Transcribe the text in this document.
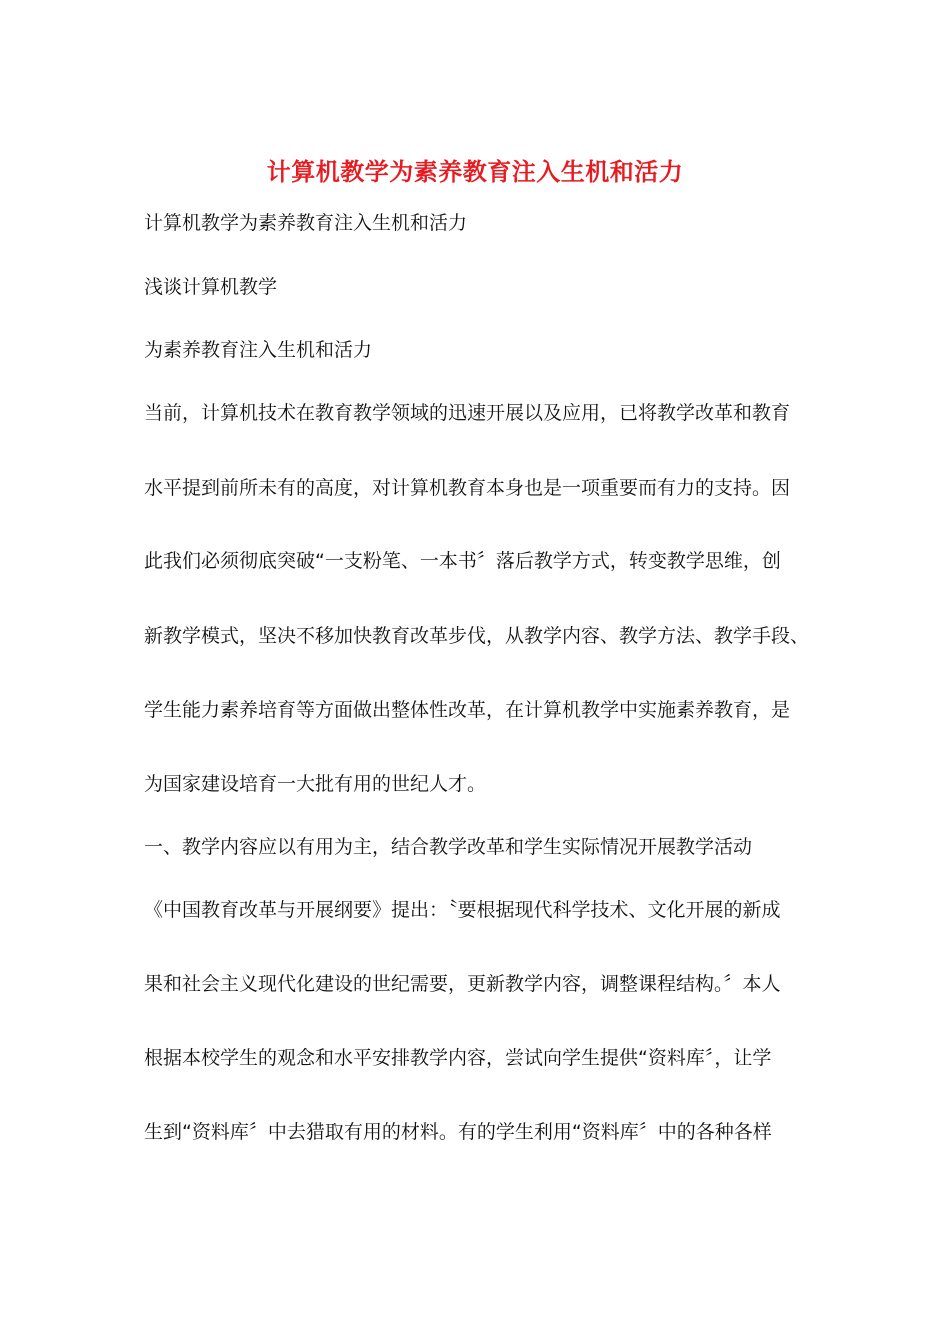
计算机教学为素养教育注入生机和活力
计算机教学为素养教育注入生机和活力
浅谈计算机教学
为素养教育注入生机和活力
当前，计算机技术在教育教学领域的迅速开展以及应用，已将教学改革和教育
水平提到前所未有的高度，对计算机教育本身也是一项重要而有力的支持。因
此我们必须彻底突破“一支粉笔、一本书〞落后教学方式，转变教学思维，创
新教学模式，坚决不移加快教育改革步伐，从教学内容、教学方法、教学手段、
学生能力素养培育等方面做出整体性改革，在计算机教学中实施素养教育，是
为国家建设培育一大批有用的世纪人才。
一、教学内容应以有用为主，结合教学改革和学生实际情况开展教学活动
《中国教育改革与开展纲要》提出：〝要根据现代科学技术、文化开展的新成
果和社会主义现代化建设的世纪需要，更新教学内容，调整课程结构。〞本人
根据本校学生的观念和水平安排教学内容，尝试向学生提供“资料库〞，让学
生到“资料库〞中去猎取有用的材料。有的学生利用“资料库〞中的各种各样
